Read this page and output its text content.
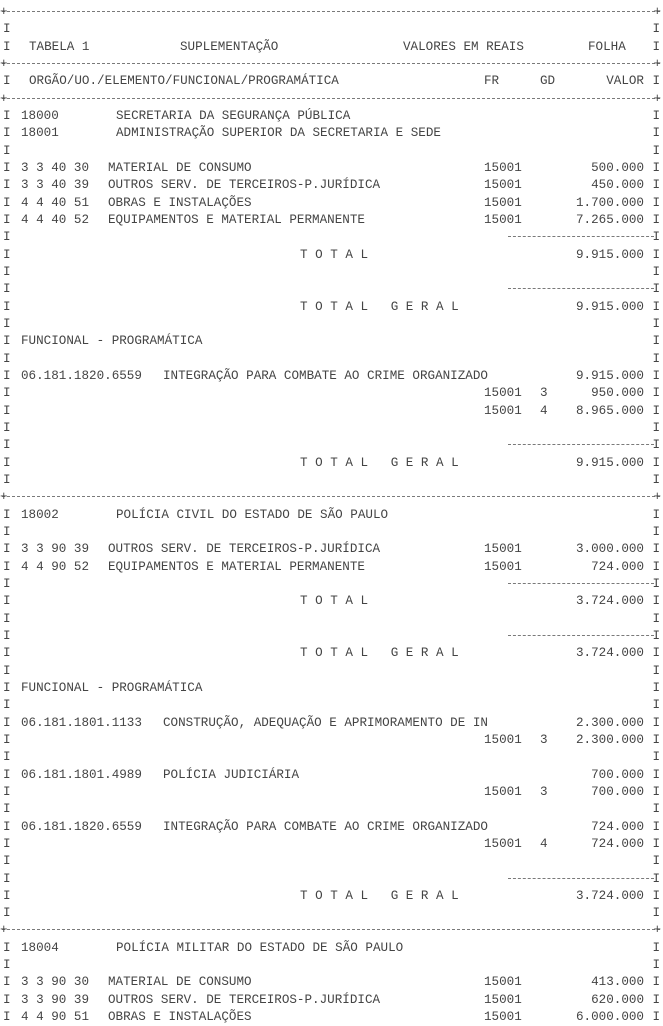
+	+
I	I
I	I
TABELA 1	SUPLEMENTAÇÃO	VALORES EM REAIS	FOLHA
+	+
I	I
ORGÃO/UO./ELEMENTO/FUNCIONAL/PROGRAMÁTICA	FR	GD	VALOR
+	+
I	I
18000	SECRETARIA DA SEGURANÇA PÚBLICA
I	I
18001	ADMINISTRAÇÃO SUPERIOR DA SECRETARIA E SEDE
I	I
I	I
3 3 40 30 MATERIAL DE CONSUMO	15001	500.000
I	I
3 3 40 39 OUTROS SERV. DE TERCEIROS-P.JURÍDICA	15001	450.000
I	I
4 4 40 51 OBRAS E INSTALAÇÕES	15001	1.700.000
I	I
4 4 40 52 EQUIPAMENTOS E MATERIAL PERMANENTE	15001	7.265.000
I	I
I	I
T O T A L	9.915.000
I	I
I	I
I	I
T O T A L   G E R A L	9.915.000
I	I
I	I
FUNCIONAL - PROGRAMÁTICA
I	I
I	I
06.181.1820.6559 INTEGRAÇÃO PARA COMBATE AO CRIME ORGANIZADO	9.915.000
I	I
15001 3	950.000
I	I
15001 4 8.965.000
I	I
I	I
I	I
T O T A L   G E R A L	9.915.000
I	I
+	+
I	I
18002	POLÍCIA CIVIL DO ESTADO DE SÃO PAULO
I	I
I	I
3 3 90 39 OUTROS SERV. DE TERCEIROS-P.JURÍDICA	15001	3.000.000
I	I
4 4 90 52 EQUIPAMENTOS E MATERIAL PERMANENTE	15001	724.000
I	I
I	I
T O T A L	3.724.000
I	I
I	I
I	I
T O T A L   G E R A L	3.724.000
I	I
I	I
FUNCIONAL - PROGRAMÁTICA
I	I
I	I
06.181.1801.1133 CONSTRUÇÃO, ADEQUAÇÃO E APRIMORAMENTO DE IN	2.300.000
I	I
15001 3 2.300.000
I	I
I	I
06.181.1801.4989 POLÍCIA JUDICIÁRIA	700.000
I	I
15001 3	700.000
I	I
I	I
06.181.1820.6559 INTEGRAÇÃO PARA COMBATE AO CRIME ORGANIZADO	724.000
I	I
15001 4	724.000
I	I
I	I
I	I
T O T A L   G E R A L	3.724.000
I	I
+	+
I	I
18004	POLÍCIA MILITAR DO ESTADO DE SÃO PAULO
I	I
I	I
3 3 90 30 MATERIAL DE CONSUMO	15001	413.000
I	I
3 3 90 39 OUTROS SERV. DE TERCEIROS-P.JURÍDICA	15001	620.000
I	I
4 4 90 51 OBRAS E INSTALAÇÕES	15001	6.000.000
